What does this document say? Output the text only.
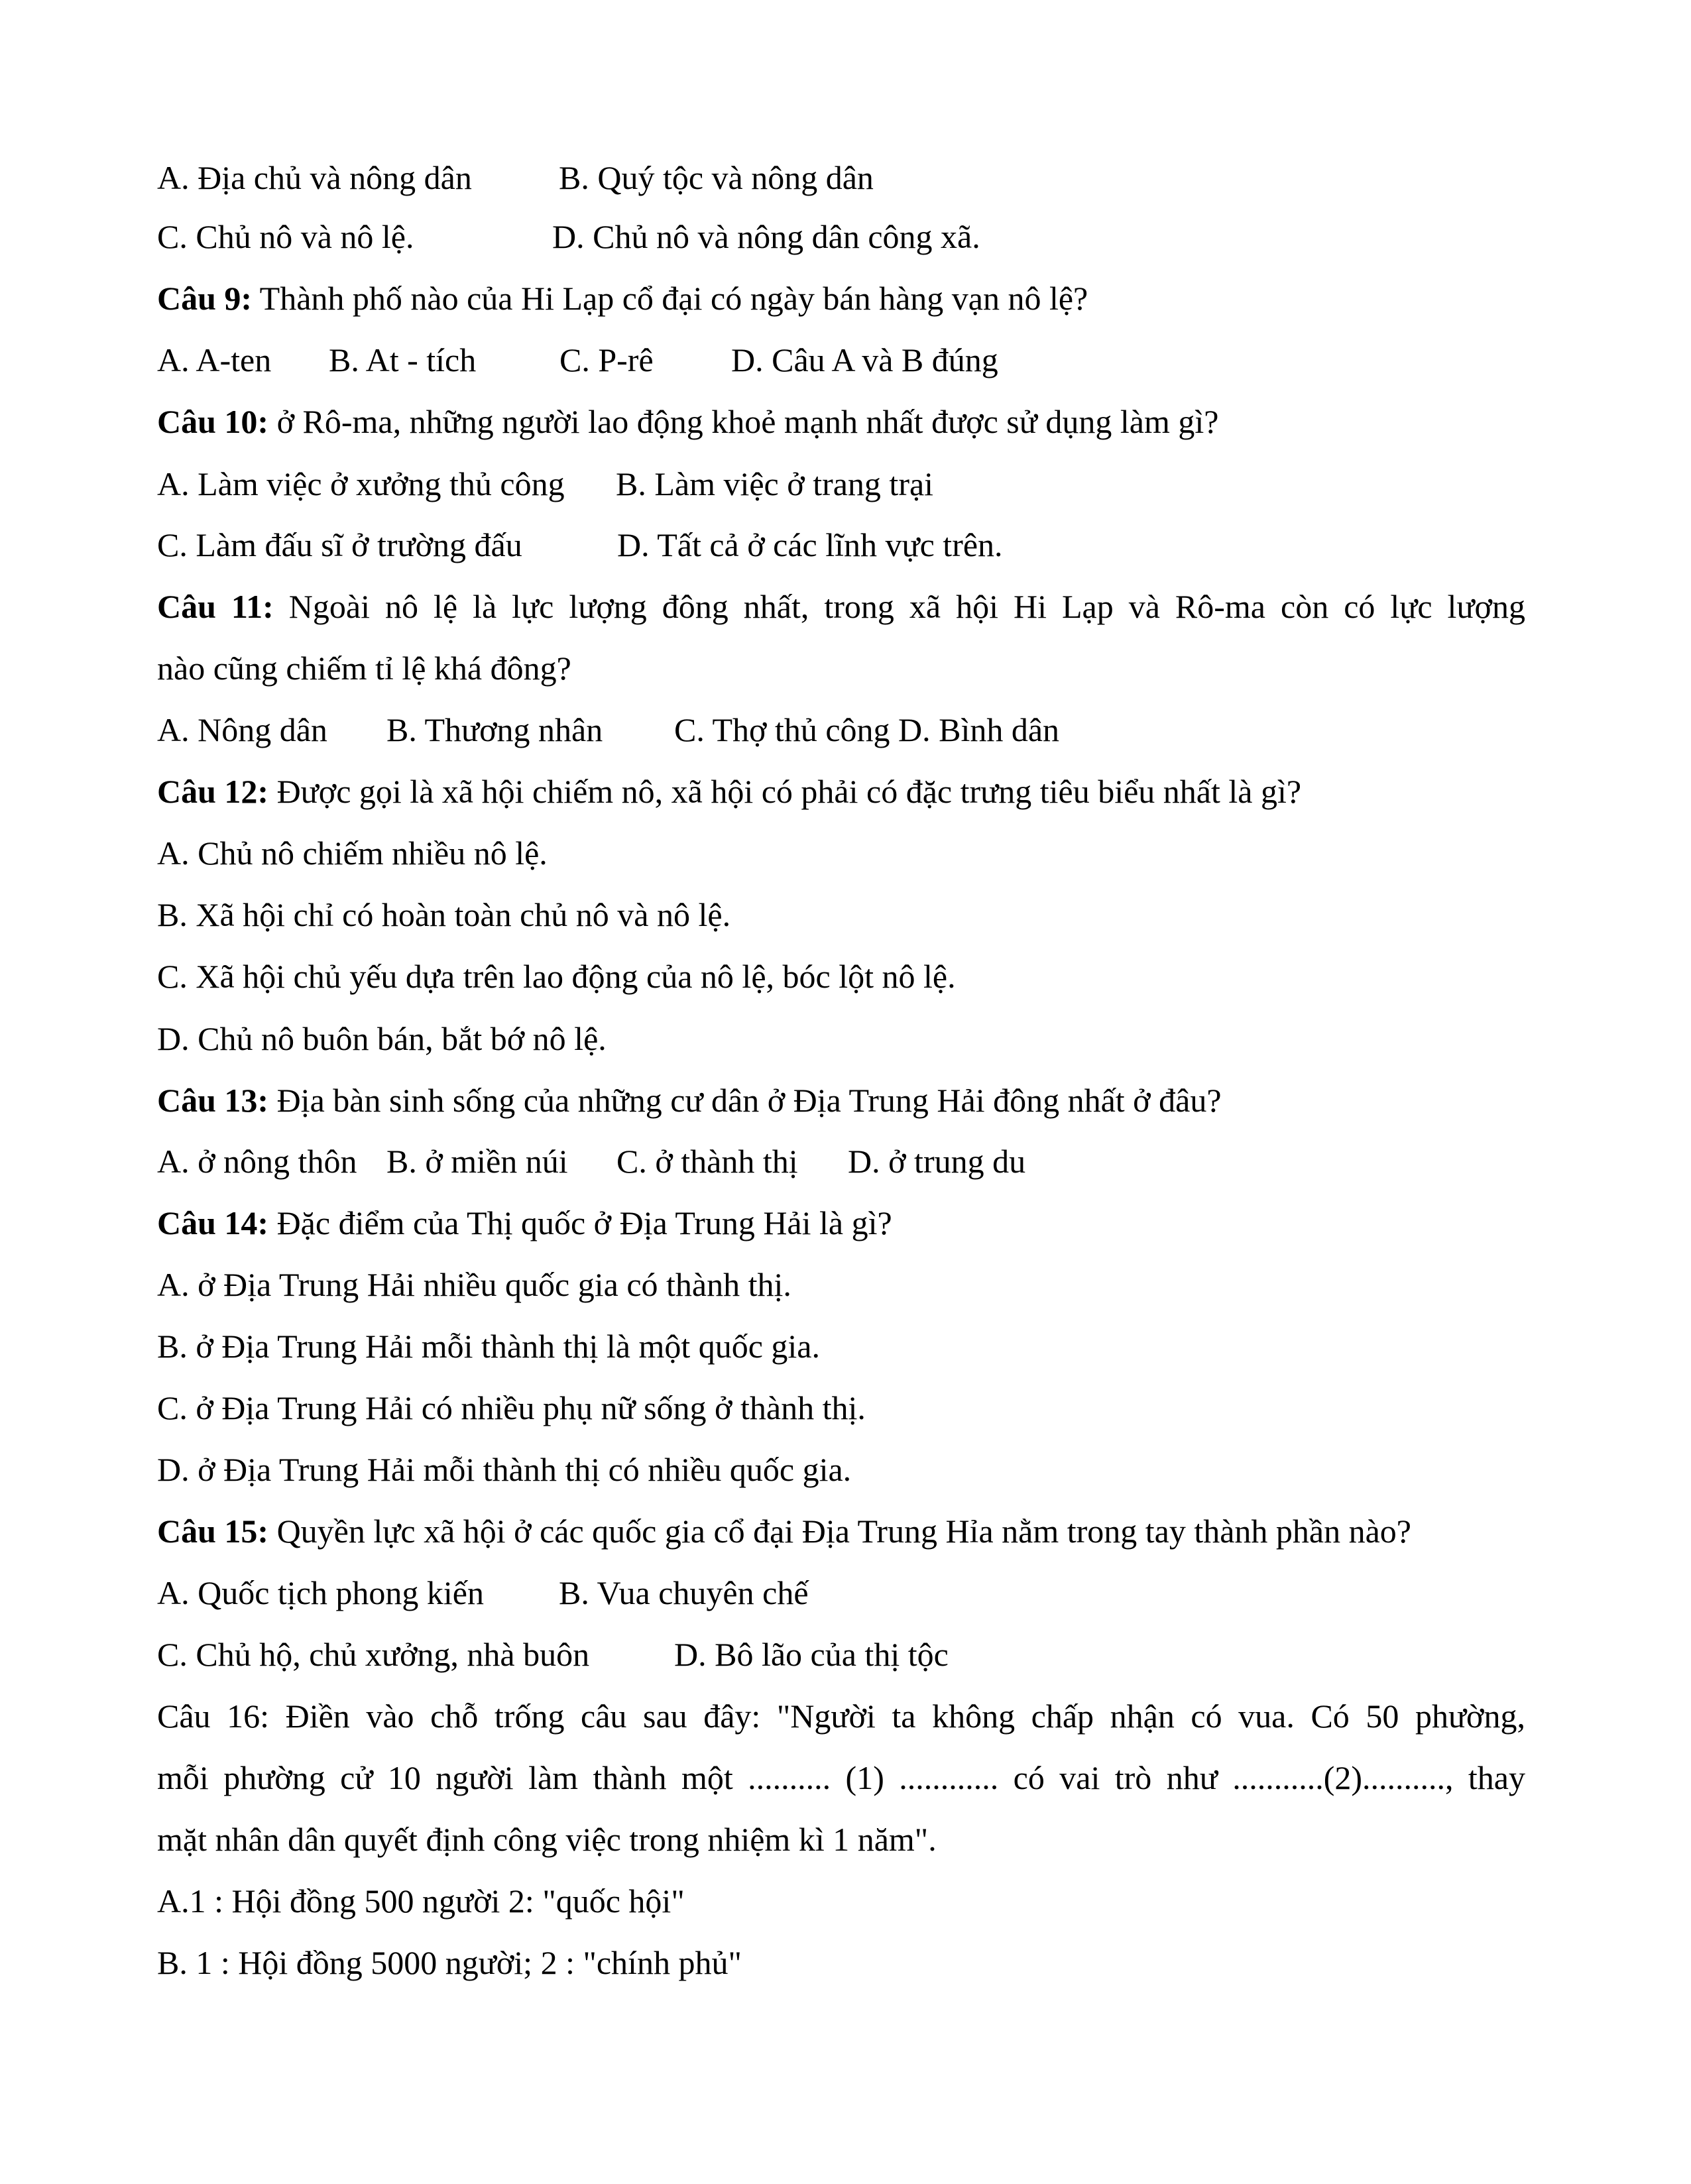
A. Địa chủ và nông dân

	B. Quý tộc và nông dân

C. Chủ nô và nô lệ.

	D. Chủ nô và nông dân công xã.

Câu 9: Thành phố nào của Hi Lạp cổ đại có ngày bán hàng vạn nô lệ?

A. A-ten

B. At - tích

	C. P-rê

D. Câu A và B đúng

Câu 10: ở Rô-ma, những người lao động khoẻ mạnh nhất được sử dụng làm gì?

A. Làm việc ở xưởng thủ công

B. Làm việc ở trang trại

C. Làm đấu sĩ ở trường đấu

	D. Tất cả ở các lĩnh vực trên.

Câu 11: Ngoài nô lệ là lực lượng đông nhất, trong xã hội Hi Lạp và Rô-ma còn có lực lượng
nào cũng chiếm tỉ lệ khá đông?

A. Nông dân

B. Thương nhân

C. Thợ thủ công D. Bình dân

Câu 12: Được gọi là xã hội chiếm nô, xã hội có phải có đặc trưng tiêu biểu nhất là gì?
A. Chủ nô chiếm nhiều nô lệ.
B. Xã hội chỉ có hoàn toàn chủ nô và nô lệ.
C. Xã hội chủ yếu dựa trên lao động của nô lệ, bóc lột nô lệ.
D. Chủ nô buôn bán, bắt bớ nô lệ.
Câu 13: Địa bàn sinh sống của những cư dân ở Địa Trung Hải đông nhất ở đâu?

A. ở nông thôn

B. ở miền núi

C. ở thành thị

D. ở trung du

Câu 14: Đặc điểm của Thị quốc ở Địa Trung Hải là gì?
A. ở Địa Trung Hải nhiều quốc gia có thành thị.
B. ở Địa Trung Hải mỗi thành thị là một quốc gia.
C. ở Địa Trung Hải có nhiều phụ nữ sống ở thành thị.
D. ở Địa Trung Hải mỗi thành thị có nhiều quốc gia.
Câu 15: Quyền lực xã hội ở các quốc gia cổ đại Địa Trung Hỉa nằm trong tay thành phần nào?

A. Quốc tịch phong kiến

B. Vua chuyên chế

C. Chủ hộ, chủ xưởng, nhà buôn

	D. Bô lão của thị tộc

Câu 16: Điền vào chỗ trống câu sau đây: "Người ta không chấp nhận có vua. Có 50 phường,
mỗi phường cử 10 người làm thành một .......... (1) ............ có vai trò như ...........(2).........., thay
mặt nhân dân quyết định công việc trong nhiệm kì 1 năm".
A.1 : Hội đồng 500 người 2: "quốc hội"
B. 1 : Hội đồng 5000 người; 2 : "chính phủ"
